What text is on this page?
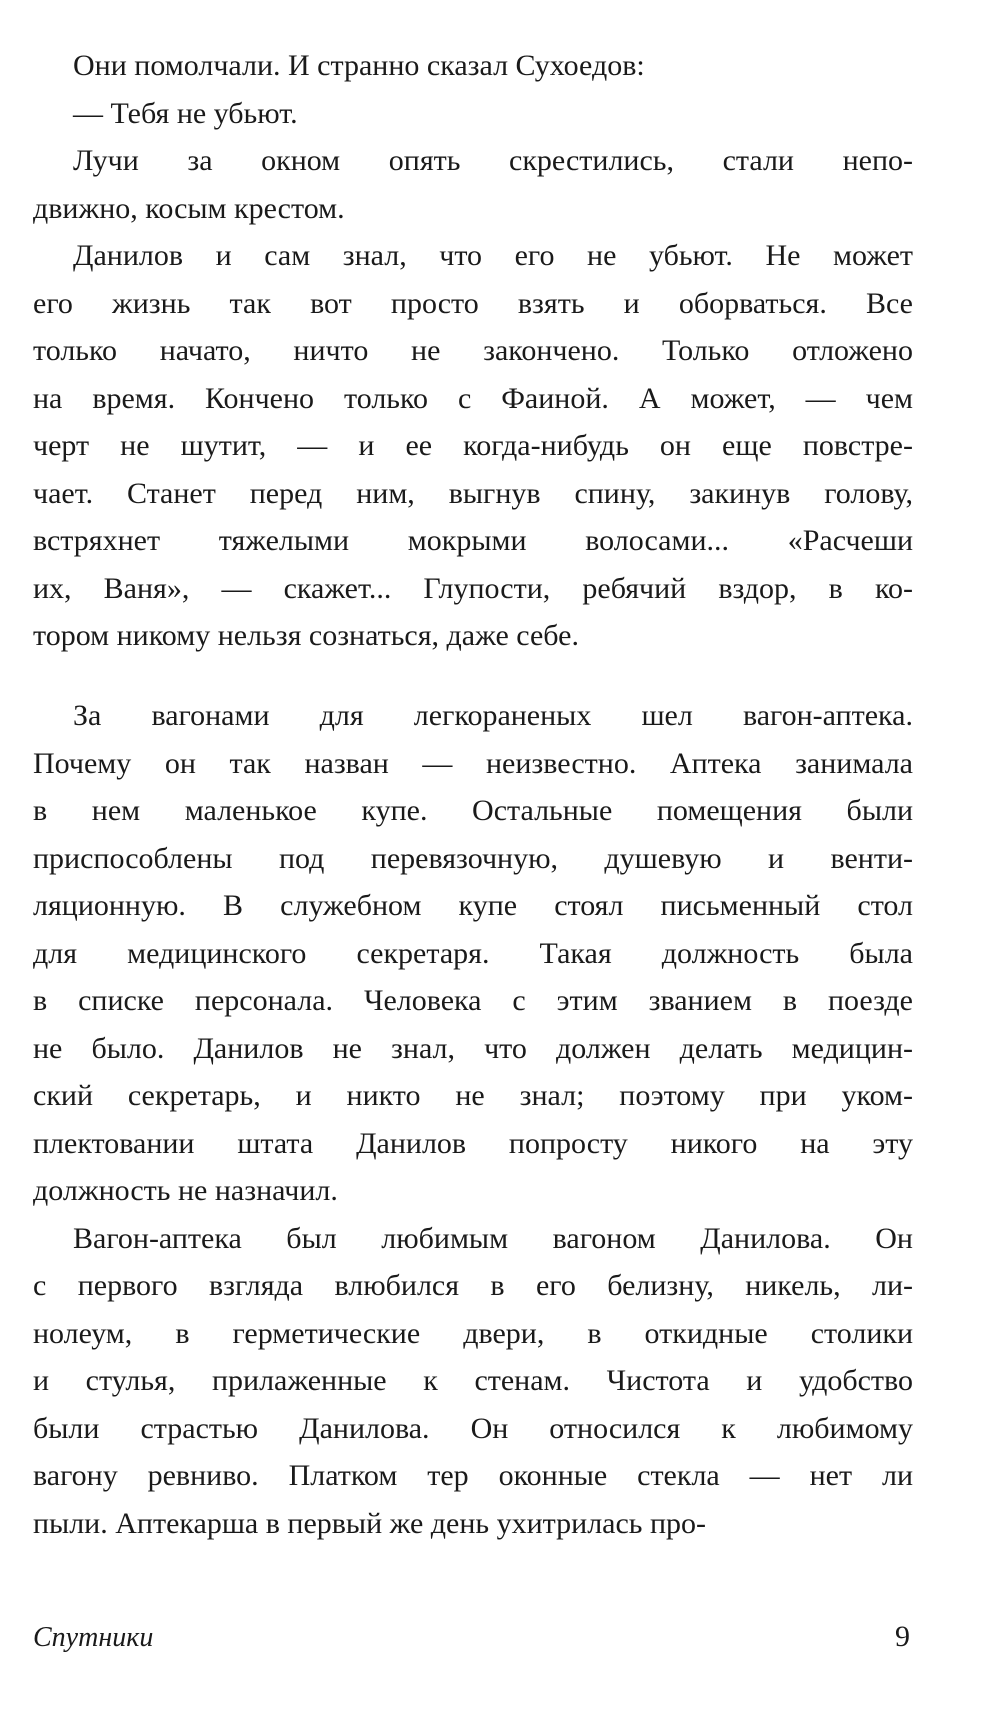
Они помолчали. И странно сказал Сухоедов:
— Тебя не убьют.
Лучи за окном опять скрестились, стали непо-
движно, косым крестом.
Данилов и сам знал, что его не убьют. Не может
его жизнь так вот просто взять и оборваться. Все
только начато, ничто не закончено. Только отложено
на время. Кончено только с Фаиной. А может, — чем
черт не шутит, — и ее когда-нибудь он еще повстре-
чает. Станет перед ним, выгнув спину, закинув голову,
встряхнет тяжелыми мокрыми волосами... «Расчеши
их, Ваня», — скажет... Глупости, ребячий вздор, в ко-
тором никому нельзя сознаться, даже себе.
За вагонами для легкораненых шел вагон-аптека.
Почему он так назван — неизвестно. Аптека занимала
в нем маленькое купе. Остальные помещения были
приспособлены под перевязочную, душевую и венти-
ляционную. В служебном купе стоял письменный стол
для медицинского секретаря. Такая должность была
в списке персонала. Человека с этим званием в поезде
не было. Данилов не знал, что должен делать медицин-
ский секретарь, и никто не знал; поэтому при уком-
плектовании штата Данилов попросту никого на эту
должность не назначил.
Вагон-аптека был любимым вагоном Данилова. Он
с первого взгляда влюбился в его белизну, никель, ли-
нолеум, в герметические двери, в откидные столики
и стулья, прилаженные к стенам. Чистота и удобство
были страстью Данилова. Он относился к любимому
вагону ревниво. Платком тер оконные стекла — нет ли
пыли. Аптекарша в первый же день ухитрилась про-
Спутники	9
